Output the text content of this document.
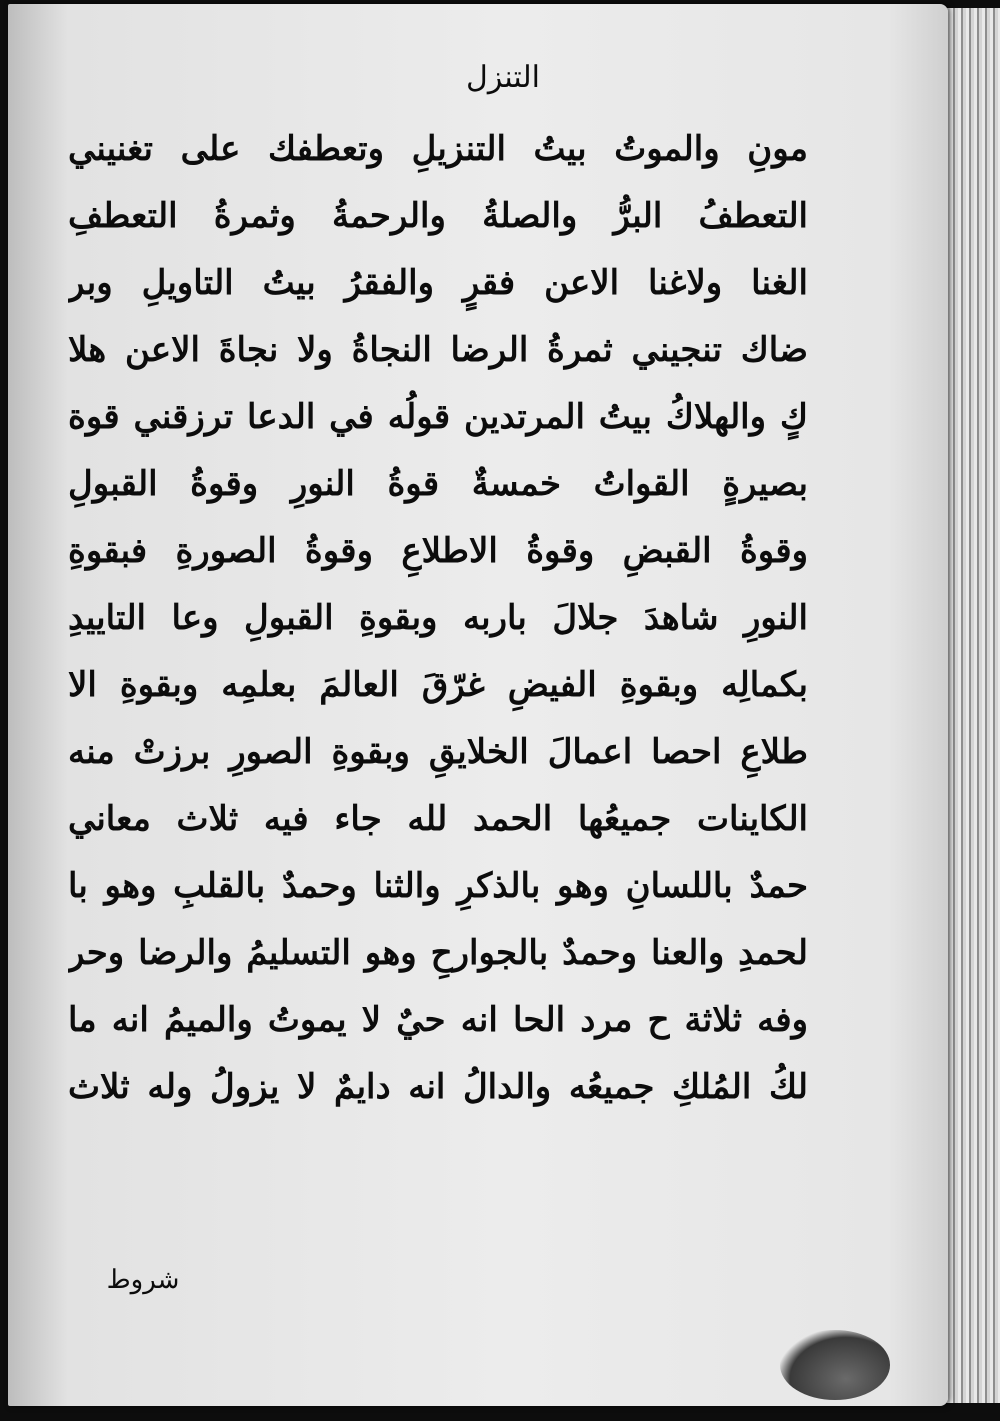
التنزل
مونِ والموتُ بيتُ التنزيلِ وتعطفك على تغنيني
التعطفُ البرُّ والصلةُ والرحمةُ وثمرةُ التعطفِ
الغنا ولاغنا الاعن فقرٍ والفقرُ بيتُ التاويلِ وبر
ضاك تنجيني ثمرةُ الرضا النجاةُ ولا نجاةَ الاعن هلا
كٍ والهلاكُ بيتُ المرتدين قولُه في الدعا ترزقني قوة
بصيرةٍ القواتُ خمسةٌ قوةُ النورِ وقوةُ القبولِ
وقوةُ القبضِ وقوةُ الاطلاعِ وقوةُ الصورةِ فبقوةِ
النورِ شاهدَ جلالَ باربه وبقوةِ القبولِ وعا التاييدِ
بكمالِه وبقوةِ الفيضِ غرّقَ العالمَ بعلمِه وبقوةِ الا
طلاعِ احصا اعمالَ الخلايقِ وبقوةِ الصورِ برزتْ منه
الكاينات جميعُها الحمد لله جاء فيه ثلاث معاني
حمدٌ باللسانِ وهو بالذكرِ والثنا وحمدٌ بالقلبِ وهو با
لحمدِ والعنا وحمدٌ بالجوارحِ وهو التسليمُ والرضا وحر
وفه ثلاثة ح مرد الحا انه حيٌ لا يموتُ والميمُ انه ما
لكُ المُلكِ جميعُه والدالُ انه دايمٌ لا يزولُ وله ثلاث
شروط
